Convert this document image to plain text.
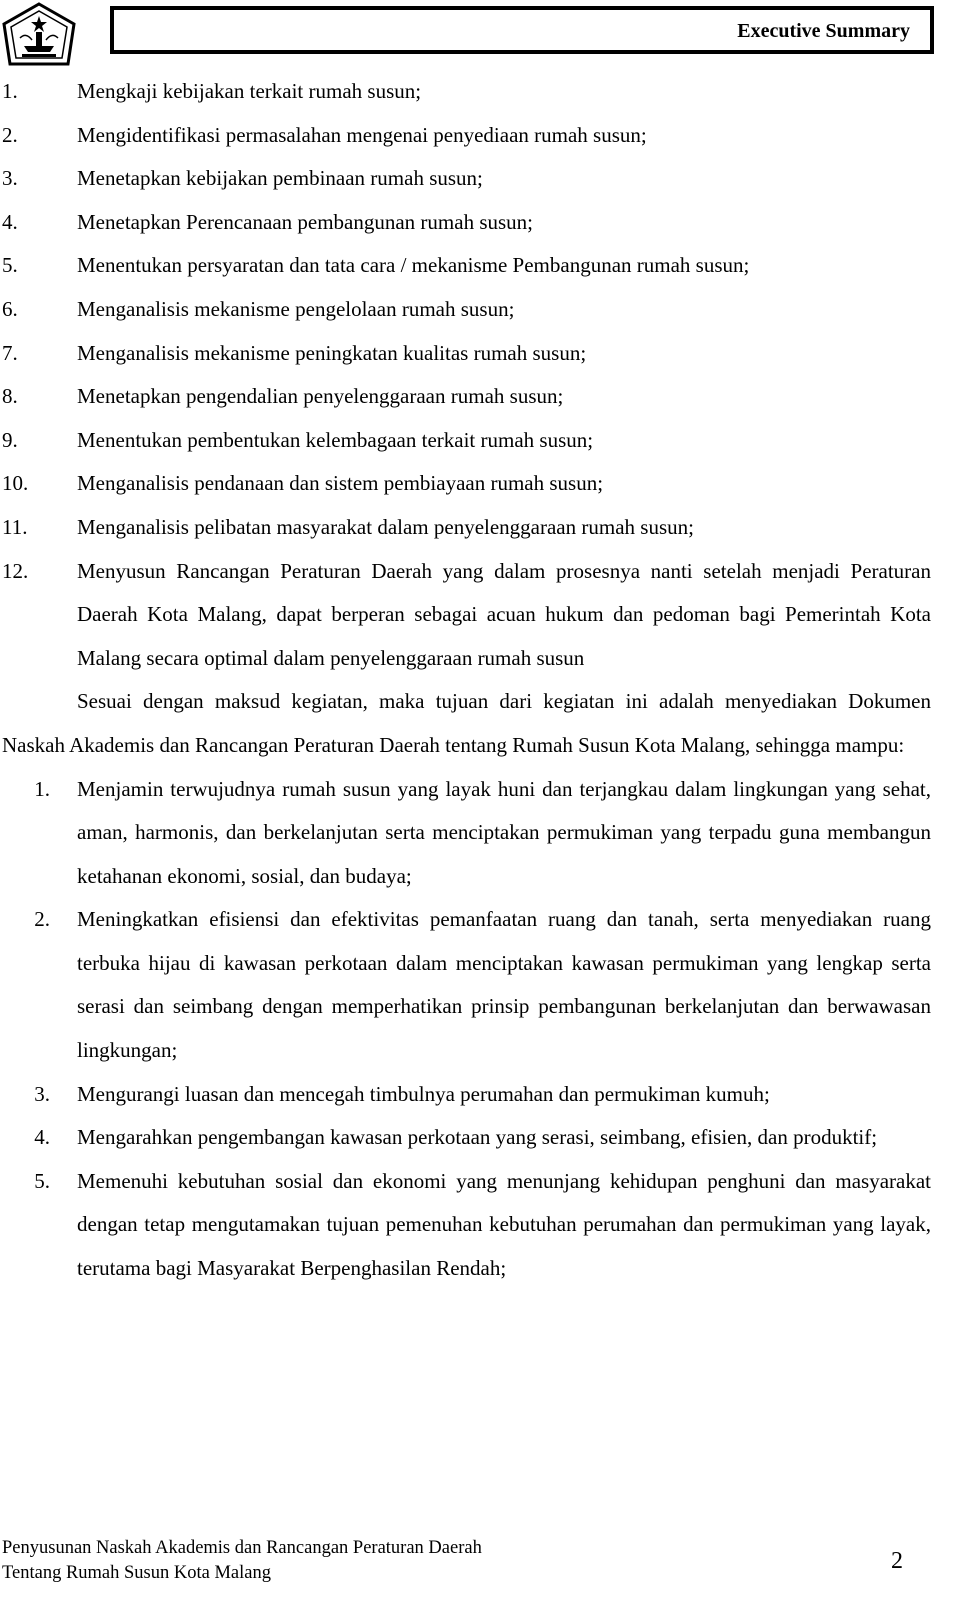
Executive Summary
1.	Mengkaji kebijakan terkait rumah susun;
2.	Mengidentifikasi permasalahan mengenai penyediaan rumah susun;
3.	Menetapkan kebijakan pembinaan rumah susun;
4.	Menetapkan Perencanaan pembangunan rumah susun;
5.	Menentukan persyaratan dan tata cara / mekanisme Pembangunan rumah susun;
6.	Menganalisis mekanisme pengelolaan rumah susun;
7.	Menganalisis mekanisme peningkatan kualitas rumah susun;
8.	Menetapkan pengendalian penyelenggaraan rumah susun;
9.	Menentukan pembentukan kelembagaan terkait rumah susun;
10.	Menganalisis pendanaan dan sistem pembiayaan rumah susun;
11.	Menganalisis pelibatan masyarakat dalam penyelenggaraan rumah susun;
12.	Menyusun Rancangan Peraturan Daerah yang dalam prosesnya nanti setelah menjadi Peraturan Daerah Kota Malang, dapat berperan sebagai acuan hukum dan pedoman bagi Pemerintah Kota Malang secara optimal dalam penyelenggaraan rumah susun

Sesuai dengan maksud kegiatan, maka tujuan dari kegiatan ini adalah menyediakan Dokumen Naskah Akademis dan Rancangan Peraturan Daerah tentang Rumah Susun Kota Malang, sehingga mampu:

1. Menjamin terwujudnya rumah susun yang layak huni dan terjangkau dalam lingkungan yang sehat, aman, harmonis, dan berkelanjutan serta menciptakan permukiman yang terpadu guna membangun ketahanan ekonomi, sosial, dan budaya;
2. Meningkatkan efisiensi dan efektivitas pemanfaatan ruang dan tanah, serta menyediakan ruang terbuka hijau di kawasan perkotaan dalam menciptakan kawasan permukiman yang lengkap serta serasi dan seimbang dengan memperhatikan prinsip pembangunan berkelanjutan dan berwawasan lingkungan;
3. Mengurangi luasan dan mencegah timbulnya perumahan dan permukiman kumuh;
4. Mengarahkan pengembangan kawasan perkotaan yang serasi, seimbang, efisien, dan produktif;
5. Memenuhi kebutuhan sosial dan ekonomi yang menunjang kehidupan penghuni dan masyarakat dengan tetap mengutamakan tujuan pemenuhan kebutuhan perumahan dan permukiman yang layak, terutama bagi Masyarakat Berpenghasilan Rendah;
Penyusunan Naskah Akademis dan Rancangan Peraturan Daerah
Tentang Rumah Susun Kota Malang	2
